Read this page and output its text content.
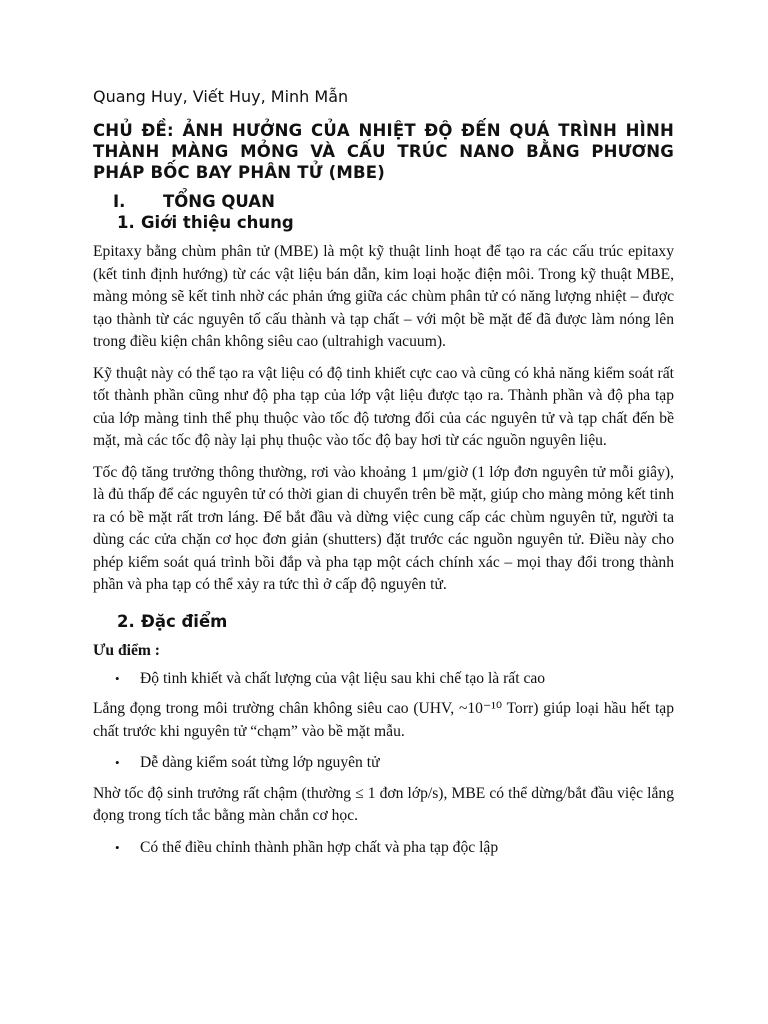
Quang Huy, Viết Huy, Minh Mẫn
CHỦ ĐỀ: ẢNH HƯỞNG CỦA NHIỆT ĐỘ ĐẾN QUÁ TRÌNH HÌNH THÀNH MÀNG MỎNG VÀ CẤU TRÚC NANO BẰNG PHƯƠNG PHÁP BỐC BAY PHÂN TỬ (MBE)
I.	TỔNG QUAN
1. Giới thiệu chung

Epitaxy bằng chùm phân tử (MBE) là một kỹ thuật linh hoạt để tạo ra các cấu trúc epitaxy (kết tinh định hướng) từ các vật liệu bán dẫn, kim loại hoặc điện môi. Trong kỹ thuật MBE, màng mỏng sẽ kết tinh nhờ các phản ứng giữa các chùm phân tử có năng lượng nhiệt – được tạo thành từ các nguyên tố cấu thành và tạp chất – với một bề mặt đế đã được làm nóng lên trong điều kiện chân không siêu cao (ultrahigh vacuum).

Kỹ thuật này có thể tạo ra vật liệu có độ tinh khiết cực cao và cũng có khả năng kiểm soát rất tốt thành phần cũng như độ pha tạp của lớp vật liệu được tạo ra. Thành phần và độ pha tạp của lớp màng tinh thể phụ thuộc vào tốc độ tương đối của các nguyên tử và tạp chất đến bề mặt, mà các tốc độ này lại phụ thuộc vào tốc độ bay hơi từ các nguồn nguyên liệu.

Tốc độ tăng trưởng thông thường, rơi vào khoảng 1 μm/giờ (1 lớp đơn nguyên tử mỗi giây), là đủ thấp để các nguyên tử có thời gian di chuyển trên bề mặt, giúp cho màng mỏng kết tinh ra có bề mặt rất trơn láng. Để bắt đầu và dừng việc cung cấp các chùm nguyên tử, người ta dùng các cửa chặn cơ học đơn giản (shutters) đặt trước các nguồn nguyên tử. Điều này cho phép kiểm soát quá trình bồi đắp và pha tạp một cách chính xác – mọi thay đổi trong thành phần và pha tạp có thể xảy ra tức thì ở cấp độ nguyên tử.

2. Đặc điểm
Ưu điểm :
• Độ tinh khiết và chất lượng của vật liệu sau khi chế tạo là rất cao

Lắng đọng trong môi trường chân không siêu cao (UHV, ~10⁻¹⁰ Torr) giúp loại hầu hết tạp chất trước khi nguyên tử “chạm” vào bề mặt mẫu.

• Dễ dàng kiểm soát từng lớp nguyên tử

Nhờ tốc độ sinh trưởng rất chậm (thường ≤ 1 đơn lớp/s), MBE có thể dừng/bắt đầu việc lắng đọng trong tích tắc bằng màn chắn cơ học.

• Có thể điều chỉnh thành phần hợp chất và pha tạp độc lập
